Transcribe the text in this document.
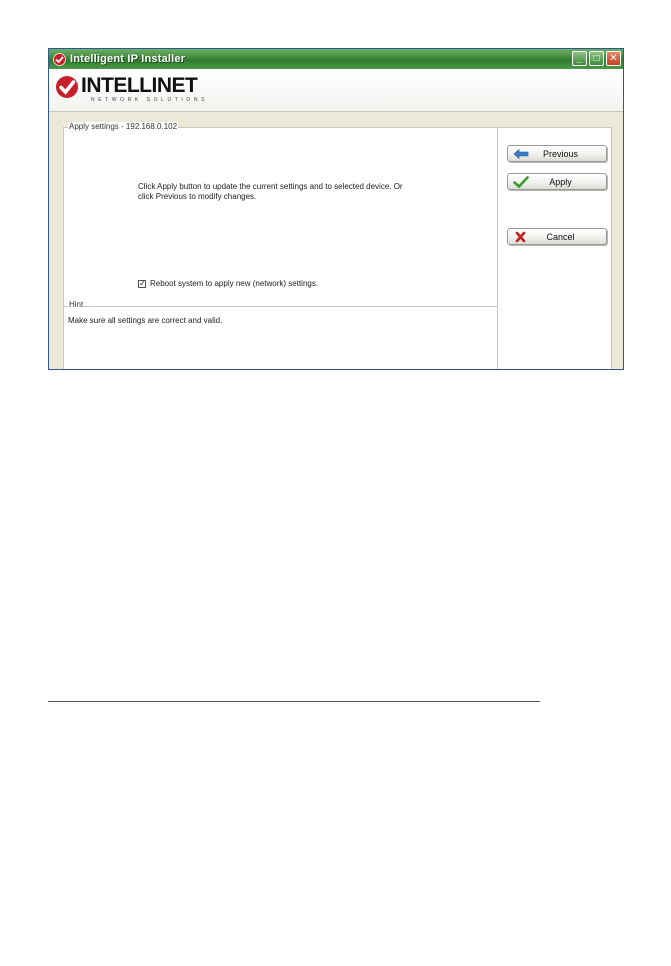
Intelligent IP Installer	_	□ ✕
INTELLINET
NETWORK SOLUTIONS
Apply settings - 192.168.0.102
Click Apply button to update the current settings and to selected device. Or
click Previous to modify changes.
✓ Reboot system to apply new (network) settings.
Hint
Make sure all settings are correct and valid.
Previous
Apply
Cancel
